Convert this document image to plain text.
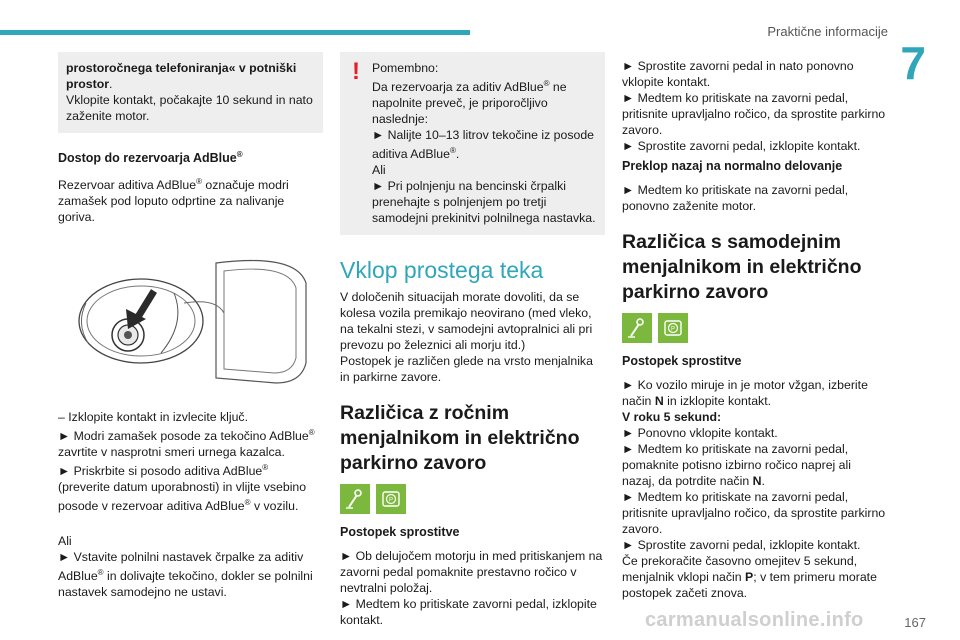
Praktične informacije
7

prostoročnega telefoniranja« v potniški prostor.

Vklopite kontakt, počakajte 10 sekund in nato zaženite motor.

Dostop do rezervoarja AdBlue®

Rezervoar aditiva AdBlue® označuje modri zamašek pod loputo odprtine za nalivanje goriva.

– Izklopite kontakt in izvlecite ključ.

► Modri zamašek posode za tekočino AdBlue® zavrtite v nasprotni smeri urnega kazalca.

► Priskrbite si posodo aditiva AdBlue® (preverite datum uporabnosti) in vlijte vsebino posode v rezervoar aditiva AdBlue® v vozilu.

Ali

► Vstavite polnilni nastavek črpalke za aditiv AdBlue® in dolivajte tekočino, dokler se polnilni nastavek samodejno ne ustavi.

! Pomembno:

Da rezervoarja za aditiv AdBlue® ne napolnite preveč, je priporočljivo naslednje:

► Nalijte 10–13 litrov tekočine iz posode aditiva AdBlue®.

Ali

► Pri polnjenju na bencinski črpalki prenehajte s polnjenjem po tretji samodejni prekinitvi polnilnega nastavka.

Vklop prostega teka

V določenih situacijah morate dovoliti, da se kolesa vozila premikajo neovirano (med vleko, na tekalni stezi, v samodejni avtopralnici ali pri prevozu po železnici ali morju itd.)

Postopek je različen glede na vrsto menjalnika in parkirne zavore.

Različica z ročnim menjalnikom in električno parkirno zavoro

P

Postopek sprostitve

► Ob delujočem motorju in med pritiskanjem na zavorni pedal pomaknite prestavno ročico v nevtralni položaj.

► Medtem ko pritiskate zavorni pedal, izklopite kontakt.

► Sprostite zavorni pedal in nato ponovno vklopite kontakt.

► Medtem ko pritiskate na zavorni pedal, pritisnite upravljalno ročico, da sprostite parkirno zavoro.

► Sprostite zavorni pedal, izklopite kontakt.

Preklop nazaj na normalno delovanje

► Medtem ko pritiskate na zavorni pedal, ponovno zaženite motor.

Različica s samodejnim menjalnikom in električno parkirno zavoro

P

Postopek sprostitve

► Ko vozilo miruje in je motor vžgan, izberite način N in izklopite kontakt.

V roku 5 sekund:

► Ponovno vklopite kontakt.

► Medtem ko pritiskate na zavorni pedal, pomaknite potisno izbirno ročico naprej ali nazaj, da potrdite način N.

► Medtem ko pritiskate na zavorni pedal, pritisnite upravljalno ročico, da sprostite parkirno zavoro.

► Sprostite zavorni pedal, izklopite kontakt.

Če prekoračite časovno omejitev 5 sekund, menjalnik vklopi način P; v tem primeru morate postopek začeti znova.

carmanualsonline.info	167
